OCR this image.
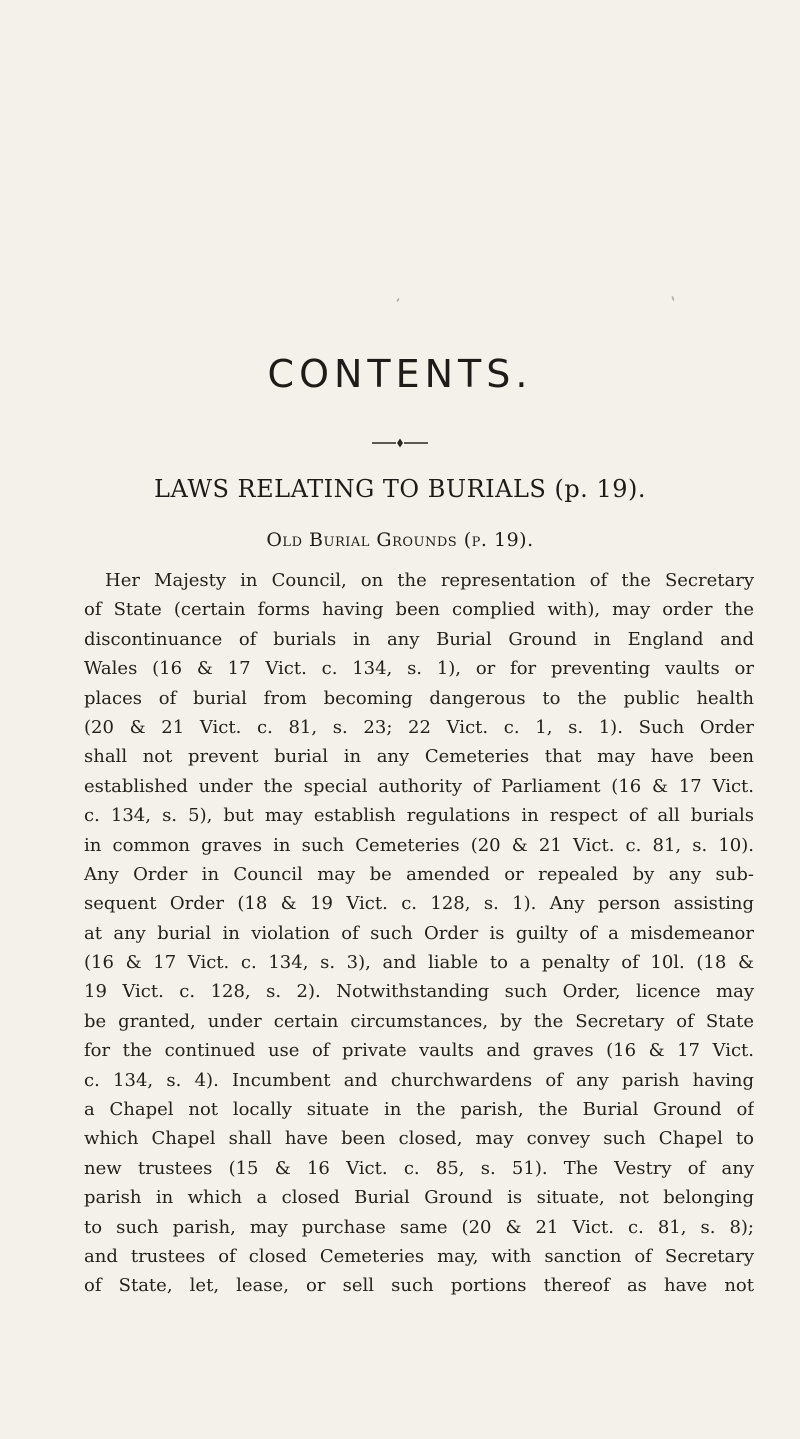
CONTENTS.
LAWS RELATING TO BURIALS (p. 19).
Old Burial Grounds (p. 19).
Her Majesty in Council, on the representation of the Secretary
of State (certain forms having been complied with), may order the
discontinuance of burials in any Burial Ground in England and
Wales (16 & 17 Vict. c. 134, s. 1), or for preventing vaults or
places of burial from becoming dangerous to the public health
(20 & 21 Vict. c. 81, s. 23; 22 Vict. c. 1, s. 1). Such Order
shall not prevent burial in any Cemeteries that may have been
established under the special authority of Parliament (16 & 17 Vict.
c. 134, s. 5), but may establish regulations in respect of all burials
in common graves in such Cemeteries (20 & 21 Vict. c. 81, s. 10).
Any Order in Council may be amended or repealed by any sub-
sequent Order (18 & 19 Vict. c. 128, s. 1). Any person assisting
at any burial in violation of such Order is guilty of a misdemeanor
(16 & 17 Vict. c. 134, s. 3), and liable to a penalty of 10l. (18 &
19 Vict. c. 128, s. 2). Notwithstanding such Order, licence may
be granted, under certain circumstances, by the Secretary of State
for the continued use of private vaults and graves (16 & 17 Vict.
c. 134, s. 4). Incumbent and churchwardens of any parish having
a Chapel not locally situate in the parish, the Burial Ground of
which Chapel shall have been closed, may convey such Chapel to
new trustees (15 & 16 Vict. c. 85, s. 51). The Vestry of any
parish in which a closed Burial Ground is situate, not belonging
to such parish, may purchase same (20 & 21 Vict. c. 81, s. 8);
and trustees of closed Cemeteries may, with sanction of Secretary
of State, let, lease, or sell such portions thereof as have not
